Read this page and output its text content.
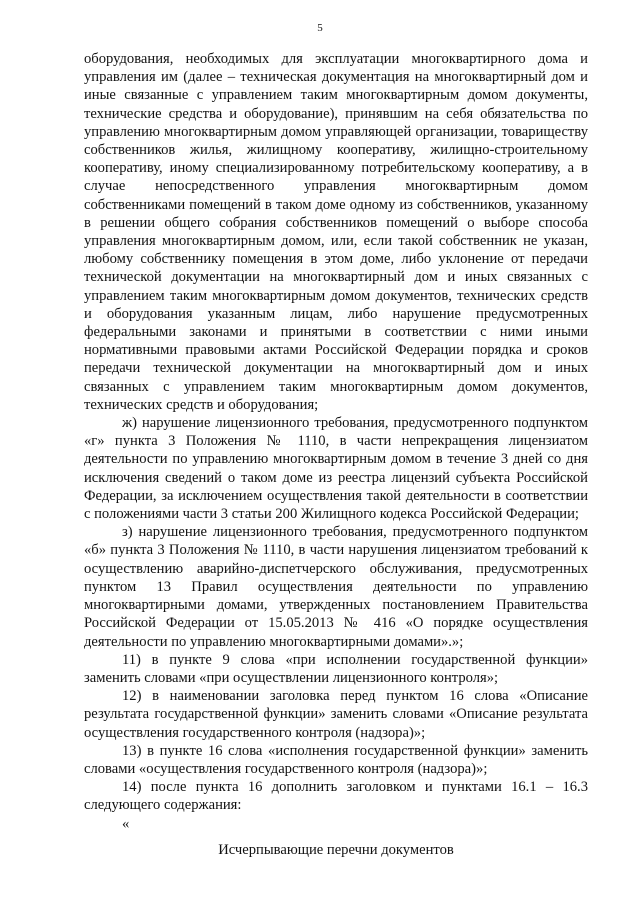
5

оборудования, необходимых для эксплуатации многоквартирного дома и управления им (далее – техническая документация на многоквартирный дом и иные связанные с управлением таким многоквартирным домом документы, технические средства и оборудование), принявшим на себя обязательства по управлению многоквартирным домом управляющей организации, товариществу собственников жилья, жилищному кооперативу, жилищно-строительному кооперативу, иному специализированному потребительскому кооперативу, а в случае непосредственного управления многоквартирным домом собственниками помещений в таком доме одному из собственников, указанному в решении общего собрания собственников помещений о выборе способа управления многоквартирным домом, или, если такой собственник не указан, любому собственнику помещения в этом доме, либо уклонение от передачи технической документации на многоквартирный дом и иных связанных с управлением таким многоквартирным домом документов, технических средств и оборудования указанным лицам, либо нарушение предусмотренных федеральными законами и принятыми в соответствии с ними иными нормативными правовыми актами Российской Федерации порядка и сроков передачи технической документации на многоквартирный дом и иных связанных с управлением таким многоквартирным домом документов, технических средств и оборудования;

ж) нарушение лицензионного требования, предусмотренного подпунктом «г» пункта 3 Положения № 1110, в части непрекращения лицензиатом деятельности по управлению многоквартирным домом в течение 3 дней со дня исключения сведений о таком доме из реестра лицензий субъекта Российской Федерации, за исключением осуществления такой деятельности в соответствии с положениями части 3 статьи 200 Жилищного кодекса Российской Федерации;

з) нарушение лицензионного требования, предусмотренного подпунктом «б» пункта 3 Положения № 1110, в части нарушения лицензиатом требований к осуществлению аварийно-диспетчерского обслуживания, предусмотренных пунктом 13 Правил осуществления деятельности по управлению многоквартирными домами, утвержденных постановлением Правительства Российской Федерации от 15.05.2013 № 416 «О порядке осуществления деятельности по управлению многоквартирными домами».»;

11) в пункте 9 слова «при исполнении государственной функции» заменить словами «при осуществлении лицензионного контроля»;

12) в наименовании заголовка перед пунктом 16 слова «Описание результата государственной функции» заменить словами «Описание результата осуществления государственного контроля (надзора)»;

13) в пункте 16 слова «исполнения государственной функции» заменить словами «осуществления государственного контроля (надзора)»;

14) после пункта 16 дополнить заголовком и пунктами 16.1 – 16.3 следующего содержания:

«

Исчерпывающие перечни документов
